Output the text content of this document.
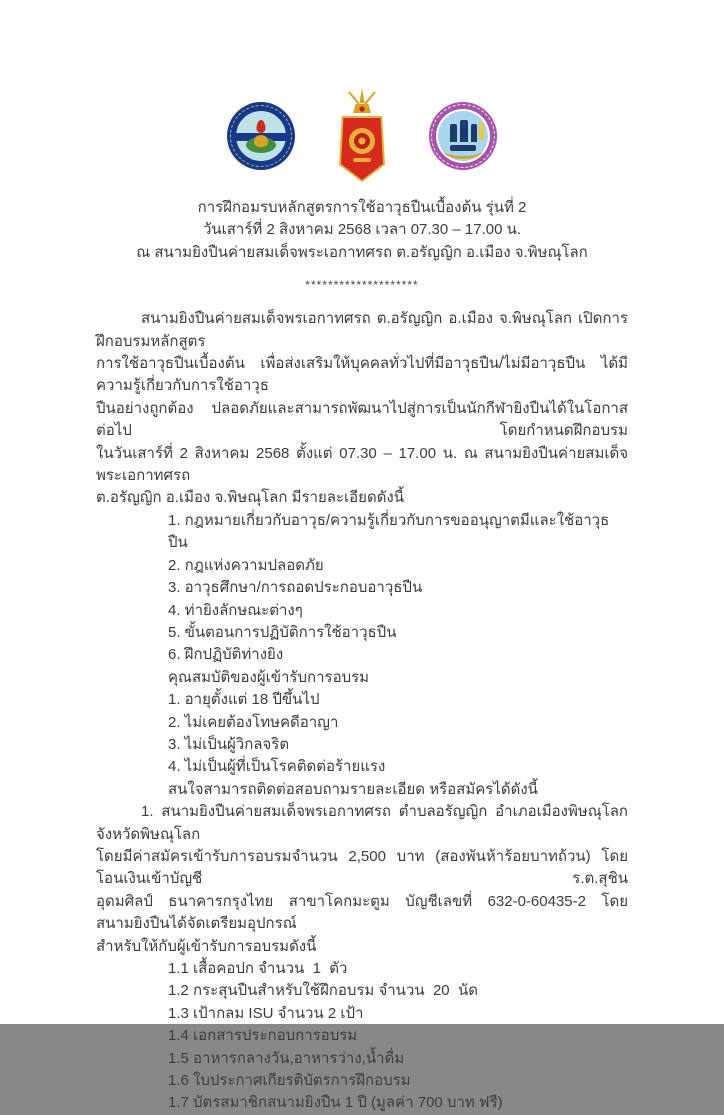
การฝึกอมรบหลักสูตรการใช้อาวุธปืนเบื้องต้น รุ่นที่ 2
วันเสาร์ที่ 2 สิงหาคม 2568 เวลา 07.30 – 17.00 น.
ณ สนามยิงปืนค่ายสมเด็จพระเอกาทศรถ ต.อรัญญิก อ.เมือง จ.พิษณุโลก
********************
สนามยิงปืนค่ายสมเด็จพรเอกาทศรถ ต.อรัญญิก อ.เมือง จ.พิษณุโลก เปิดการฝึกอบรมหลักสูตร
การใช้อาวุธปืนเบื้องต้น เพื่อส่งเสริมให้บุคคลทั่วไปที่มีอาวุธปืน/ไม่มีอาวุธปืน ได้มีความรู้เกี่ยวกับการใช้อาวุธ
ปืนอย่างถูกต้อง ปลอดภัยและสามารถพัฒนาไปสู่การเป็นนักกีฬายิงปืนได้ในโอกาสต่อไป โดยกำหนดฝึกอบรม
ในวันเสาร์ที่ 2 สิงหาคม 2568 ตั้งแต่ 07.30 – 17.00 น. ณ สนามยิงปืนค่ายสมเด็จพระเอกาทศรถ
ต.อรัญญิก อ.เมือง จ.พิษณุโลก มีรายละเอียดดังนี้
1. กฎหมายเกี่ยวกับอาวุธ/ความรู้เกี่ยวกับการขออนุญาตมีและใช้อาวุธปืน
2. กฎแห่งความปลอดภัย
3. อาวุธศึกษา/การถอดประกอบอาวุธปืน
4. ท่ายิงลักษณะต่างๆ
5. ขั้นตอนการปฏิบัติการใช้อาวุธปืน
6. ฝึกปฏิบัติท่างยิง
คุณสมบัติของผู้เข้ารับการอบรม
1. อายุตั้งแต่ 18 ปีขึ้นไป
2. ไม่เคยต้องโทษคดีอาญา
3. ไม่เป็นผู้วิกลจริต
4. ไม่เป็นผู้ที่เป็นโรคติดต่อร้ายแรง
สนใจสามารถติดต่อสอบถามรายละเอียด หรือสมัครได้ดังนี้
1. สนามยิงปืนค่ายสมเด็จพรเอกาทศรถ ตำบลอรัญญิก อำเภอเมืองพิษณุโลก จังหวัดพิษณุโลก
โดยมีค่าสมัครเข้ารับการอบรมจำนวน 2,500 บาท (สองพันห้าร้อยบาทถ้วน) โดยโอนเงินเข้าบัญชี ร.ต.สุชิน
อุดมศิลป์ ธนาคารกรุงไทย สาขาโคกมะตูม บัญชีเลขที่ 632-0-60435-2 โดยสนามยิงปืนได้จัดเตรียมอุปกรณ์
สำหรับให้กับผู้เข้ารับการอบรมดังนี้
1.1 เสื้อคอปก จำนวน  1  ตัว
1.2 กระสุนปืนสำหรับใช้ฝึกอบรม จำนวน  20  นัด
1.3 เป้ากลม ISU จำนวน 2 เป้า
1.4 เอกสารประกอบการอบรม
1.5 อาหารกลางวัน,อาหารว่าง,น้ำดื่ม
1.6 ใบประกาศเกียรติบัตรการฝึกอบรม
1.7 บัตรสมาชิกสนามยิงปืน 1 ปี (มูลค่า 700 บาท ฟรี)
